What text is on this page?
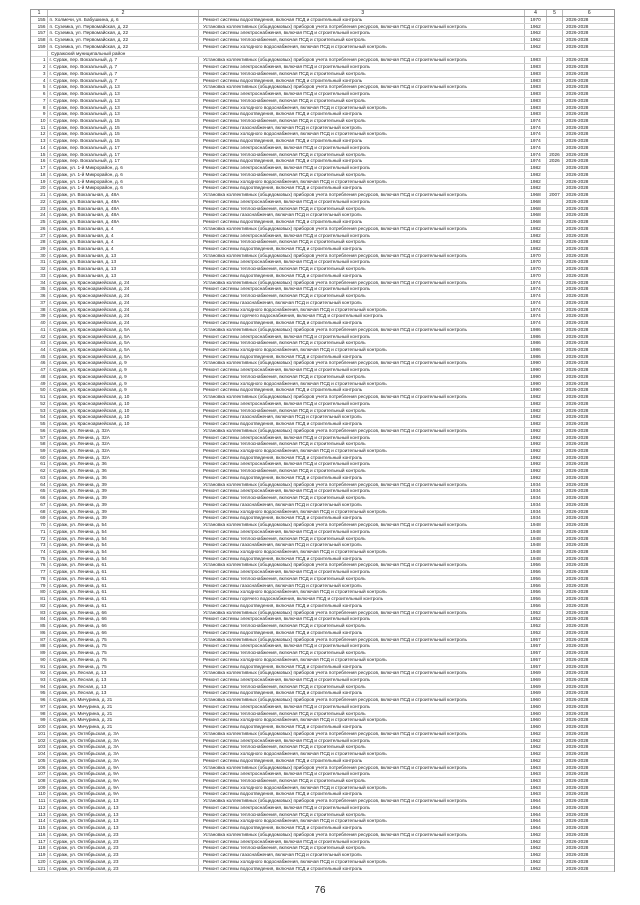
1	2	3	4	5	6
155 п. Холмечи, ул. Бабушкина, д. 6	Ремонт системы водоотведения, включая ПСД и строительный контроль	1970	2026-2028
156 п. Суземка, ул. Первомайская, д. 22	Установка коллективных (общедомовых) приборов учета потребления ресурсов, включая ПСД и строительный контроль	1962	2026-2028
157 п. Суземка, ул. Первомайская, д. 22	Ремонт системы электроснабжения, включая ПСД и строительный контроль	1962	2026-2028
158 п. Суземка, ул. Первомайская, д. 22	Ремонт системы теплоснабжения, включая ПСД и строительный контроль	1962	2026-2028
159 п. Суземка, ул. Первомайская, д. 22	Ремонт системы холодного водоснабжения, включая ПСД и строительный контроль	1962	2026-2028
Суражский муниципальный район
1 г. Сураж, пер. Вокзальный, д. 7	Установка коллективных (общедомовых) приборов учета потребления ресурсов, включая ПСД и строительный контроль	1983	2026-2028
2 г. Сураж, пер. Вокзальный, д. 7	Ремонт системы электроснабжения, включая ПСД и строительный контроль	1983	2026-2028
3 г. Сураж, пер. Вокзальный, д. 7	Ремонт системы теплоснабжения, включая ПСД и строительный контроль	1983	2026-2028
4 г. Сураж, пер. Вокзальный, д. 7	Ремонт системы водоотведения, включая ПСД и строительный контроль	1983	2026-2028
5 г. Сураж, пер. Вокзальный, д. 13	Установка коллективных (общедомовых) приборов учета потребления ресурсов, включая ПСД и строительный контроль	1983	2026-2028
6 г. Сураж, пер. Вокзальный, д. 13	Ремонт системы электроснабжения, включая ПСД и строительный контроль	1983	2026-2028
7 г. Сураж, пер. Вокзальный, д. 13	Ремонт системы теплоснабжения, включая ПСД и строительный контроль	1983	2026-2028
8 г. Сураж, пер. Вокзальный, д. 13	Ремонт системы холодного водоснабжения, включая ПСД и строительный контроль	1983	2026-2028
9 г. Сураж, пер. Вокзальный, д. 13	Ремонт системы водоотведения, включая ПСД и строительный контроль	1983	2026-2028
10 г. Сураж, пер. Вокзальный, д. 15	Ремонт системы теплоснабжения, включая ПСД и строительный контроль	1974	2026-2028
11 г. Сураж, пер. Вокзальный, д. 15	Ремонт системы газоснабжения, включая ПСД и строительный контроль	1974	2026-2028
12 г. Сураж, пер. Вокзальный, д. 15	Ремонт системы холодного водоснабжения, включая ПСД и строительный контроль	1974	2026-2028
13 г. Сураж, пер. Вокзальный, д. 15	Ремонт системы водоотведения, включая ПСД и строительный контроль	1974	2026-2028
14 г. Сураж, пер. Вокзальный, д. 17	Ремонт системы электроснабжения, включая ПСД и строительный контроль	1974	2026-2028
15 г. Сураж, пер. Вокзальный, д. 17	Ремонт системы теплоснабжения, включая ПСД и строительный контроль	1974	2026	2026-2028
16 г. Сураж, пер. Вокзальный, д. 17	Ремонт системы водоотведения, включая ПСД и строительный контроль	1974	2026	2026-2028
17 г. Сураж, ул. 1-й Микрорайон, д. 6	Ремонт системы электроснабжения, включая ПСД и строительный контроль	1982	2026-2028
18 г. Сураж, ул. 1-й Микрорайон, д. 6	Ремонт системы теплоснабжения, включая ПСД и строительный контроль	1982	2026-2028
19 г. Сураж, ул. 1-й Микрорайон, д. 6	Ремонт системы холодного водоснабжения, включая ПСД и строительный контроль	1982	2026-2028
20 г. Сураж, ул. 1-й Микрорайон, д. 6	Ремонт системы водоотведения, включая ПСД и строительный контроль	1982	2026-2028
21 г. Сураж, ул. Вокзальная, д. 48А	Установка коллективных (общедомовых) приборов учета потребления ресурсов, включая ПСД и строительный контроль	1968	2007	2026-2028
22 г. Сураж, ул. Вокзальная, д. 48А	Ремонт системы электроснабжения, включая ПСД и строительный контроль	1968	2026-2028
23 г. Сураж, ул. Вокзальная, д. 48А	Ремонт системы теплоснабжения, включая ПСД и строительный контроль	1968	2026-2028
24 г. Сураж, ул. Вокзальная, д. 48А	Ремонт системы газоснабжения, включая ПСД и строительный контроль	1968	2026-2028
25 г. Сураж, ул. Вокзальная, д. 48А	Ремонт системы водоотведения, включая ПСД и строительный контроль	1968	2026-2028
26 г. Сураж, ул. Вокзальная, д. 4	Установка коллективных (общедомовых) приборов учета потребления ресурсов, включая ПСД и строительный контроль	1982	2026-2028
27 г. Сураж, ул. Вокзальная, д. 4	Ремонт системы электроснабжения, включая ПСД и строительный контроль	1982	2026-2028
28 г. Сураж, ул. Вокзальная, д. 4	Ремонт системы теплоснабжения, включая ПСД и строительный контроль	1982	2026-2028
29 г. Сураж, ул. Вокзальная, д. 4	Ремонт системы водоотведения, включая ПСД и строительный контроль	1982	2026-2028
30 г. Сураж, ул. Вокзальная, д. 13	Установка коллективных (общедомовых) приборов учета потребления ресурсов, включая ПСД и строительный контроль	1970	2026-2028
31 г. Сураж, ул. Вокзальная, д. 13	Ремонт системы электроснабжения, включая ПСД и строительный контроль	1970	2026-2028
32 г. Сураж, ул. Вокзальная, д. 13	Ремонт системы теплоснабжения, включая ПСД и строительный контроль	1970	2026-2028
33 г. Сураж, ул. Вокзальная, д. 13	Ремонт системы водоотведения, включая ПСД и строительный контроль	1970	2026-2028
34 г. Сураж, ул. Красноармейская, д. 24	Установка коллективных (общедомовых) приборов учета потребления ресурсов, включая ПСД и строительный контроль	1974	2026-2028
35 г. Сураж, ул. Красноармейская, д. 24	Ремонт системы электроснабжения, включая ПСД и строительный контроль	1974	2026-2028
36 г. Сураж, ул. Красноармейская, д. 24	Ремонт системы теплоснабжения, включая ПСД и строительный контроль	1974	2026-2028
37 г. Сураж, ул. Красноармейская, д. 24	Ремонт системы газоснабжения, включая ПСД и строительный контроль	1974	2026-2028
38 г. Сураж, ул. Красноармейская, д. 24	Ремонт системы холодного водоснабжения, включая ПСД и строительный контроль	1974	2026-2028
39 г. Сураж, ул. Красноармейская, д. 24	Ремонт системы горячего водоснабжения, включая ПСД и строительный контроль	1974	2026-2028
40 г. Сураж, ул. Красноармейская, д. 24	Ремонт системы водоотведения, включая ПСД и строительный контроль	1974	2026-2028
41 г. Сураж, ул. Красноармейская, д. 5А	Установка коллективных (общедомовых) приборов учета потребления ресурсов, включая ПСД и строительный контроль	1986	2026-2028
42 г. Сураж, ул. Красноармейская, д. 5А	Ремонт системы электроснабжения, включая ПСД и строительный контроль	1986	2026-2028
43 г. Сураж, ул. Красноармейская, д. 5А	Ремонт системы теплоснабжения, включая ПСД и строительный контроль	1986	2026-2028
44 г. Сураж, ул. Красноармейская, д. 5А	Ремонт системы холодного водоснабжения, включая ПСД и строительный контроль	1986	2026-2028
45 г. Сураж, ул. Красноармейская, д. 5А	Ремонт системы водоотведения, включая ПСД и строительный контроль	1986	2026-2028
46 г. Сураж, ул. Красноармейская, д. 9	Установка коллективных (общедомовых) приборов учета потребления ресурсов, включая ПСД и строительный контроль	1990	2026-2028
47 г. Сураж, ул. Красноармейская, д. 9	Ремонт системы электроснабжения, включая ПСД и строительный контроль	1990	2026-2028
48 г. Сураж, ул. Красноармейская, д. 9	Ремонт системы теплоснабжения, включая ПСД и строительный контроль	1990	2026-2028
49 г. Сураж, ул. Красноармейская, д. 9	Ремонт системы холодного водоснабжения, включая ПСД и строительный контроль	1990	2026-2028
50 г. Сураж, ул. Красноармейская, д. 9	Ремонт системы водоотведения, включая ПСД и строительный контроль	1990	2026-2028
51 г. Сураж, ул. Красноармейская, д. 10	Установка коллективных (общедомовых) приборов учета потребления ресурсов, включая ПСД и строительный контроль	1982	2026-2028
52 г. Сураж, ул. Красноармейская, д. 10	Ремонт системы электроснабжения, включая ПСД и строительный контроль	1982	2026-2028
53 г. Сураж, ул. Красноармейская, д. 10	Ремонт системы теплоснабжения, включая ПСД и строительный контроль	1982	2026-2028
54 г. Сураж, ул. Красноармейская, д. 10	Ремонт системы газоснабжения, включая ПСД и строительный контроль	1982	2026-2028
55 г. Сураж, ул. Красноармейская, д. 10	Ремонт системы водоотведения, включая ПСД и строительный контроль	1982	2026-2028
56 г. Сураж, ул. Ленина, д. 32А	Установка коллективных (общедомовых) приборов учета потребления ресурсов, включая ПСД и строительный контроль	1992	2026-2028
57 г. Сураж, ул. Ленина, д. 32А	Ремонт системы электроснабжения, включая ПСД и строительный контроль	1992	2026-2028
58 г. Сураж, ул. Ленина, д. 32А	Ремонт системы теплоснабжения, включая ПСД и строительный контроль	1992	2026-2028
59 г. Сураж, ул. Ленина, д. 32А	Ремонт системы холодного водоснабжения, включая ПСД и строительный контроль	1992	2026-2028
60 г. Сураж, ул. Ленина, д. 32А	Ремонт системы водоотведения, включая ПСД и строительный контроль	1992	2026-2028
61 г. Сураж, ул. Ленина, д. 36	Ремонт системы электроснабжения, включая ПСД и строительный контроль	1992	2026-2028
62 г. Сураж, ул. Ленина, д. 36	Ремонт системы теплоснабжения, включая ПСД и строительный контроль	1992	2026-2028
63 г. Сураж, ул. Ленина, д. 36	Ремонт системы водоотведения, включая ПСД и строительный контроль	1992	2026-2028
64 г. Сураж, ул. Ленина, д. 39	Установка коллективных (общедомовых) приборов учета потребления ресурсов, включая ПСД и строительный контроль	1934	2026-2028
65 г. Сураж, ул. Ленина, д. 39	Ремонт системы электроснабжения, включая ПСД и строительный контроль	1934	2026-2028
66 г. Сураж, ул. Ленина, д. 39	Ремонт системы теплоснабжения, включая ПСД и строительный контроль	1934	2026-2028
67 г. Сураж, ул. Ленина, д. 39	Ремонт системы газоснабжения, включая ПСД и строительный контроль	1934	2026-2028
68 г. Сураж, ул. Ленина, д. 39	Ремонт системы холодного водоснабжения, включая ПСД и строительный контроль	1934	2026-2028
69 г. Сураж, ул. Ленина, д. 39	Ремонт системы водоотведения, включая ПСД и строительный контроль	1934	2026-2028
70 г. Сураж, ул. Ленина, д. 54	Установка коллективных (общедомовых) приборов учета потребления ресурсов, включая ПСД и строительный контроль	1948	2026-2028
71 г. Сураж, ул. Ленина, д. 54	Ремонт системы электроснабжения, включая ПСД и строительный контроль	1948	2026-2028
72 г. Сураж, ул. Ленина, д. 54	Ремонт системы теплоснабжения, включая ПСД и строительный контроль	1948	2026-2028
73 г. Сураж, ул. Ленина, д. 54	Ремонт системы газоснабжения, включая ПСД и строительный контроль	1948	2026-2028
74 г. Сураж, ул. Ленина, д. 54	Ремонт системы холодного водоснабжения, включая ПСД и строительный контроль	1948	2026-2028
75 г. Сураж, ул. Ленина, д. 54	Ремонт системы водоотведения, включая ПСД и строительный контроль	1948	2026-2028
76 г. Сураж, ул. Ленина, д. 61	Установка коллективных (общедомовых) приборов учета потребления ресурсов, включая ПСД и строительный контроль	1956	2026-2028
77 г. Сураж, ул. Ленина, д. 61	Ремонт системы электроснабжения, включая ПСД и строительный контроль	1956	2026-2028
78 г. Сураж, ул. Ленина, д. 61	Ремонт системы теплоснабжения, включая ПСД и строительный контроль	1956	2026-2028
79 г. Сураж, ул. Ленина, д. 61	Ремонт системы газоснабжения, включая ПСД и строительный контроль	1956	2026-2028
80 г. Сураж, ул. Ленина, д. 61	Ремонт системы холодного водоснабжения, включая ПСД и строительный контроль	1956	2026-2028
81 г. Сураж, ул. Ленина, д. 61	Ремонт системы горячего водоснабжения, включая ПСД и строительный контроль	1956	2026-2028
82 г. Сураж, ул. Ленина, д. 61	Ремонт системы водоотведения, включая ПСД и строительный контроль	1956	2026-2028
83 г. Сураж, ул. Ленина, д. 66	Установка коллективных (общедомовых) приборов учета потребления ресурсов, включая ПСД и строительный контроль	1952	2026-2028
84 г. Сураж, ул. Ленина, д. 66	Ремонт системы электроснабжения, включая ПСД и строительный контроль	1952	2026-2028
85 г. Сураж, ул. Ленина, д. 66	Ремонт системы теплоснабжения, включая ПСД и строительный контроль	1952	2026-2028
86 г. Сураж, ул. Ленина, д. 66	Ремонт системы водоотведения, включая ПСД и строительный контроль	1952	2026-2028
87 г. Сураж, ул. Ленина, д. 75	Установка коллективных (общедомовых) приборов учета потребления ресурсов, включая ПСД и строительный контроль	1957	2026-2028
88 г. Сураж, ул. Ленина, д. 75	Ремонт системы электроснабжения, включая ПСД и строительный контроль	1957	2026-2028
89 г. Сураж, ул. Ленина, д. 75	Ремонт системы теплоснабжения, включая ПСД и строительный контроль	1957	2026-2028
90 г. Сураж, ул. Ленина, д. 75	Ремонт системы холодного водоснабжения, включая ПСД и строительный контроль	1957	2026-2028
91 г. Сураж, ул. Ленина, д. 75	Ремонт системы водоотведения, включая ПСД и строительный контроль	1957	2026-2028
92 г. Сураж, ул. Лесная, д. 13	Установка коллективных (общедомовых) приборов учета потребления ресурсов, включая ПСД и строительный контроль	1969	2026-2028
93 г. Сураж, ул. Лесная, д. 13	Ремонт системы электроснабжения, включая ПСД и строительный контроль	1969	2026-2028
94 г. Сураж, ул. Лесная, д. 13	Ремонт системы теплоснабжения, включая ПСД и строительный контроль	1969	2026-2028
95 г. Сураж, ул. Лесная, д. 13	Ремонт системы водоотведения, включая ПСД и строительный контроль	1969	2026-2028
96 г. Сураж, ул. Мичурина, д. 21	Установка коллективных (общедомовых) приборов учета потребления ресурсов, включая ПСД и строительный контроль	1960	2026-2028
97 г. Сураж, ул. Мичурина, д. 21	Ремонт системы электроснабжения, включая ПСД и строительный контроль	1960	2026-2028
98 г. Сураж, ул. Мичурина, д. 21	Ремонт системы теплоснабжения, включая ПСД и строительный контроль	1960	2026-2028
99 г. Сураж, ул. Мичурина, д. 21	Ремонт системы холодного водоснабжения, включая ПСД и строительный контроль	1960	2026-2028
100 г. Сураж, ул. Мичурина, д. 21	Ремонт системы водоотведения, включая ПСД и строительный контроль	1960	2026-2028
101 г. Сураж, ул. Октябрьская, д. 3А	Установка коллективных (общедомовых) приборов учета потребления ресурсов, включая ПСД и строительный контроль	1962	2026-2028
102 г. Сураж, ул. Октябрьская, д. 3А	Ремонт системы электроснабжения, включая ПСД и строительный контроль	1962	2026-2028
103 г. Сураж, ул. Октябрьская, д. 3А	Ремонт системы теплоснабжения, включая ПСД и строительный контроль	1962	2026-2028
104 г. Сураж, ул. Октябрьская, д. 3А	Ремонт системы холодного водоснабжения, включая ПСД и строительный контроль	1962	2026-2028
105 г. Сураж, ул. Октябрьская, д. 3А	Ремонт системы водоотведения, включая ПСД и строительный контроль	1962	2026-2028
106 г. Сураж, ул. Октябрьская, д. 9А	Установка коллективных (общедомовых) приборов учета потребления ресурсов, включая ПСД и строительный контроль	1963	2026-2028
107 г. Сураж, ул. Октябрьская, д. 9А	Ремонт системы электроснабжения, включая ПСД и строительный контроль	1963	2026-2028
108 г. Сураж, ул. Октябрьская, д. 9А	Ремонт системы теплоснабжения, включая ПСД и строительный контроль	1963	2026-2028
109 г. Сураж, ул. Октябрьская, д. 9А	Ремонт системы холодного водоснабжения, включая ПСД и строительный контроль	1963	2026-2028
110 г. Сураж, ул. Октябрьская, д. 9А	Ремонт системы водоотведения, включая ПСД и строительный контроль	1963	2026-2028
111 г. Сураж, ул. Октябрьская, д. 13	Установка коллективных (общедомовых) приборов учета потребления ресурсов, включая ПСД и строительный контроль	1964	2026-2028
112 г. Сураж, ул. Октябрьская, д. 13	Ремонт системы электроснабжения, включая ПСД и строительный контроль	1964	2026-2028
113 г. Сураж, ул. Октябрьская, д. 13	Ремонт системы теплоснабжения, включая ПСД и строительный контроль	1964	2026-2028
114 г. Сураж, ул. Октябрьская, д. 13	Ремонт системы холодного водоснабжения, включая ПСД и строительный контроль	1964	2026-2028
115 г. Сураж, ул. Октябрьская, д. 13	Ремонт системы водоотведения, включая ПСД и строительный контроль	1964	2026-2028
116 г. Сураж, ул. Октябрьская, д. 23	Установка коллективных (общедомовых) приборов учета потребления ресурсов, включая ПСД и строительный контроль	1962	2026-2028
117 г. Сураж, ул. Октябрьская, д. 23	Ремонт системы электроснабжения, включая ПСД и строительный контроль	1962	2026-2028
118 г. Сураж, ул. Октябрьская, д. 23	Ремонт системы теплоснабжения, включая ПСД и строительный контроль	1962	2026-2028
119 г. Сураж, ул. Октябрьская, д. 23	Ремонт системы газоснабжения, включая ПСД и строительный контроль	1962	2026-2028
120 г. Сураж, ул. Октябрьская, д. 23	Ремонт системы холодного водоснабжения, включая ПСД и строительный контроль	1962	2026-2028
121 г. Сураж, ул. Октябрьская, д. 23	Ремонт системы водоотведения, включая ПСД и строительный контроль	1962	2026-2028
76
